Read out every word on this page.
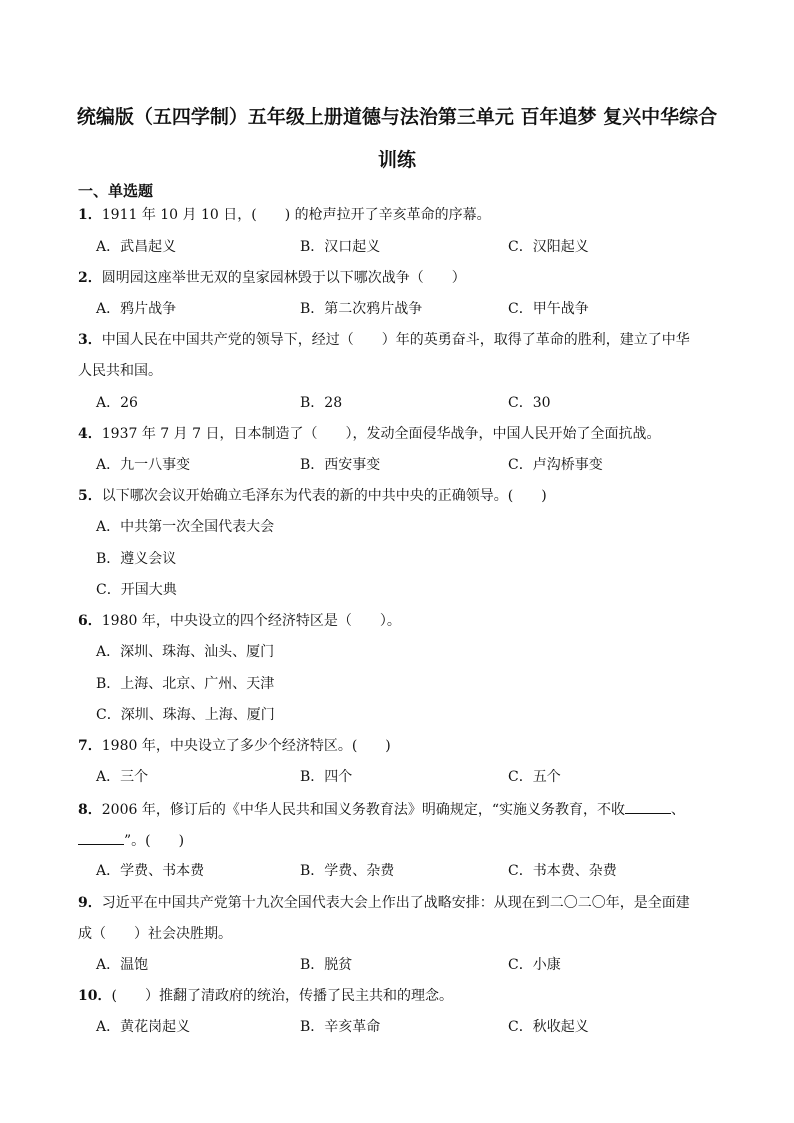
统编版（五四学制）五年级上册道德与法治第三单元 百年追梦 复兴中华综合
训练
一、单选题
1．1911 年 10 月 10 日，(　　) 的枪声拉开了辛亥革命的序幕。
A．武昌起义	B．汉口起义	C．汉阳起义
2．圆明园这座举世无双的皇家园林毁于以下哪次战争（　　）
A．鸦片战争	B．第二次鸦片战争	C．甲午战争
3．中国人民在中国共产党的领导下，经过（　　）年的英勇奋斗，取得了革命的胜利，建立了中华
人民共和国。
A．26	B．28	C．30
4．1937 年 7 月 7 日，日本制造了（　　），发动全面侵华战争，中国人民开始了全面抗战。
A．九一八事变	B．西安事变	C．卢沟桥事变
5．以下哪次会议开始确立毛泽东为代表的新的中共中央的正确领导。(　　)
A．中共第一次全国代表大会
B．遵义会议
C．开国大典
6．1980 年，中央设立的四个经济特区是（　　）。
A．深圳、珠海、汕头、厦门
B．上海、北京、广州、天津
C．深圳、珠海、上海、厦门
7．1980 年，中央设立了多少个经济特区。(　　)
A．三个	B．四个	C．五个
8．2006 年，修订后的《中华人民共和国义务教育法》明确规定，“实施义务教育，不收	、
”。(　　)
A．学费、书本费	B．学费、杂费	C．书本费、杂费
9．习近平在中国共产党第十九次全国代表大会上作出了战略安排：从现在到二〇二〇年，是全面建
成（　　）社会决胜期。
A．温饱	B．脱贫	C．小康
10．(　　）推翻了清政府的统治，传播了民主共和的理念。
A．黄花岗起义	B．辛亥革命	C．秋收起义
